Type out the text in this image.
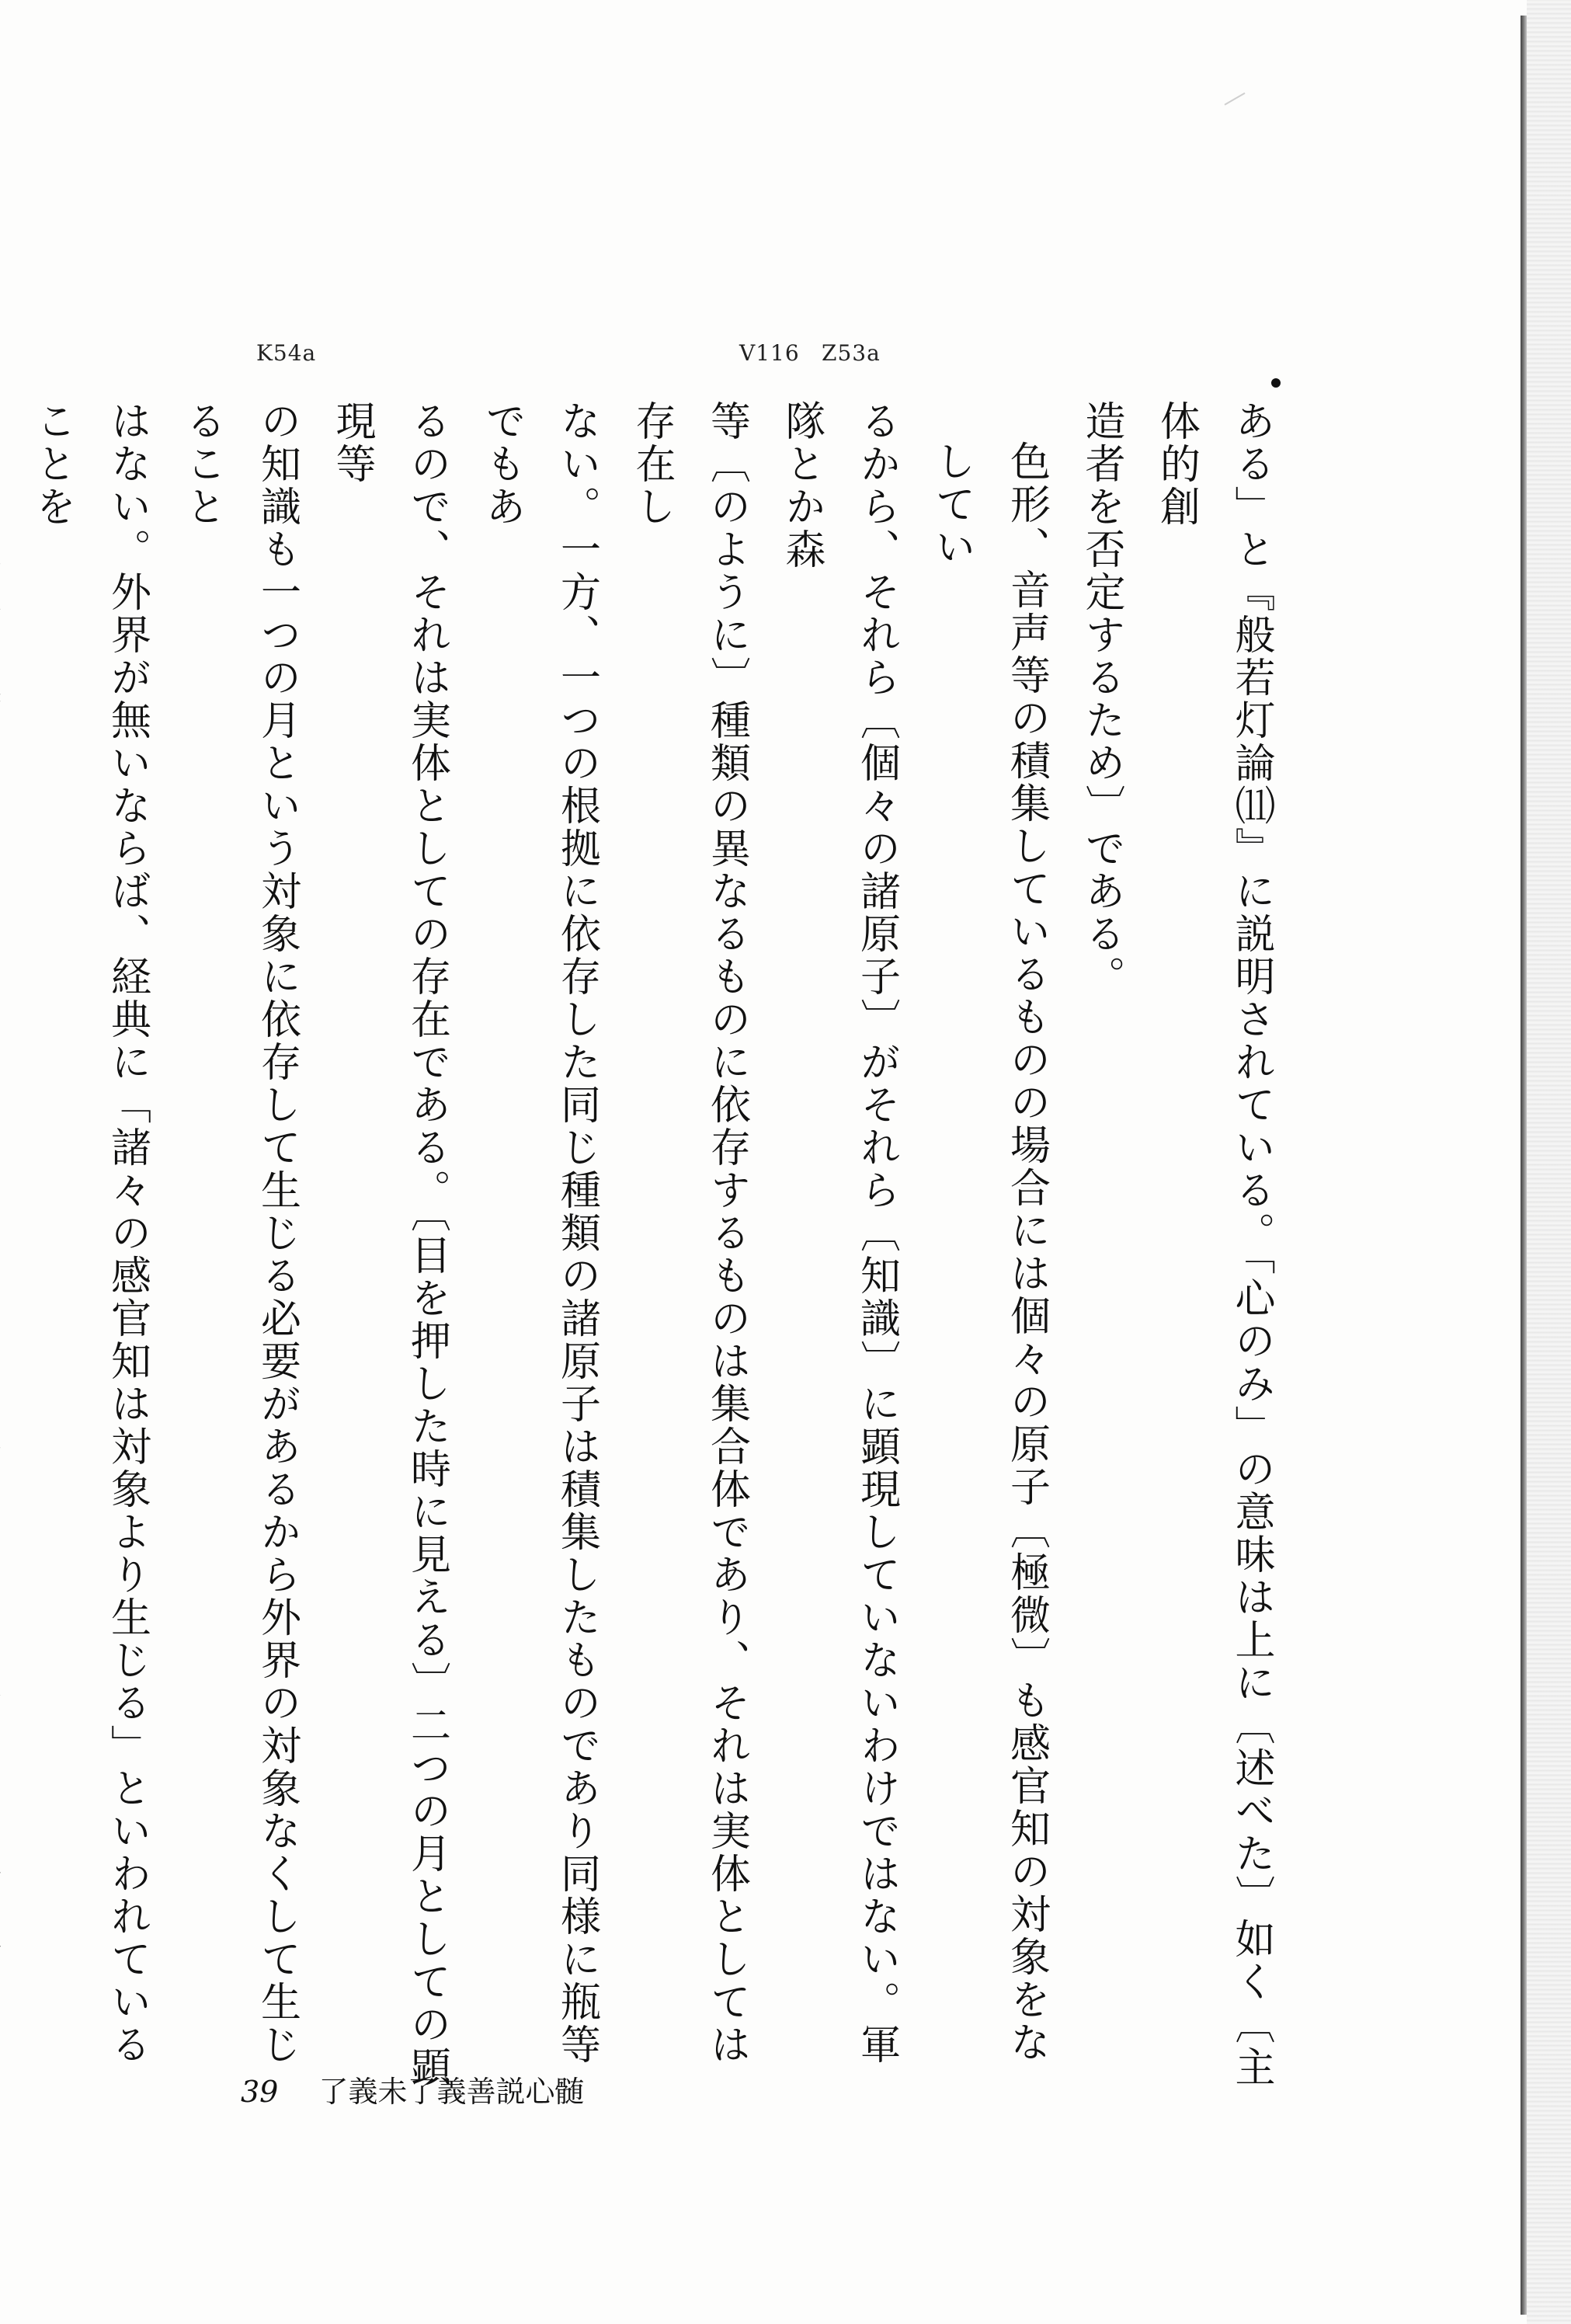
K54a	V116 Z53a

ある」と『般若灯論⑾』に説明されている。「心のみ」の意味は上に〔述べた〕如く〔主体的創

造者を否定するため〕である。

色形、音声等の積集しているものの場合には個々の原子〔極微〕も感官知の対象をなしてい

るから、それら〔個々の諸原子〕がそれら〔知識〕に顕現していないわけではない。軍隊とか森

等〔のように〕種類の異なるものに依存するものは集合体であり、それは実体としては存在し

ない。一方、一つの根拠に依存した同じ種類の諸原子は積集したものであり同様に瓶等でもあ

るので、それは実体としての存在である。〔目を押した時に見える〕二つの月としての顕現等

の知識も一つの月という対象に依存して生じる必要があるから外界の対象なくして生じること

はない。外界が無いならば、経典に「諸々の感官知は対象より生じる」といわれていることを

39 了義未了義善説心髄
